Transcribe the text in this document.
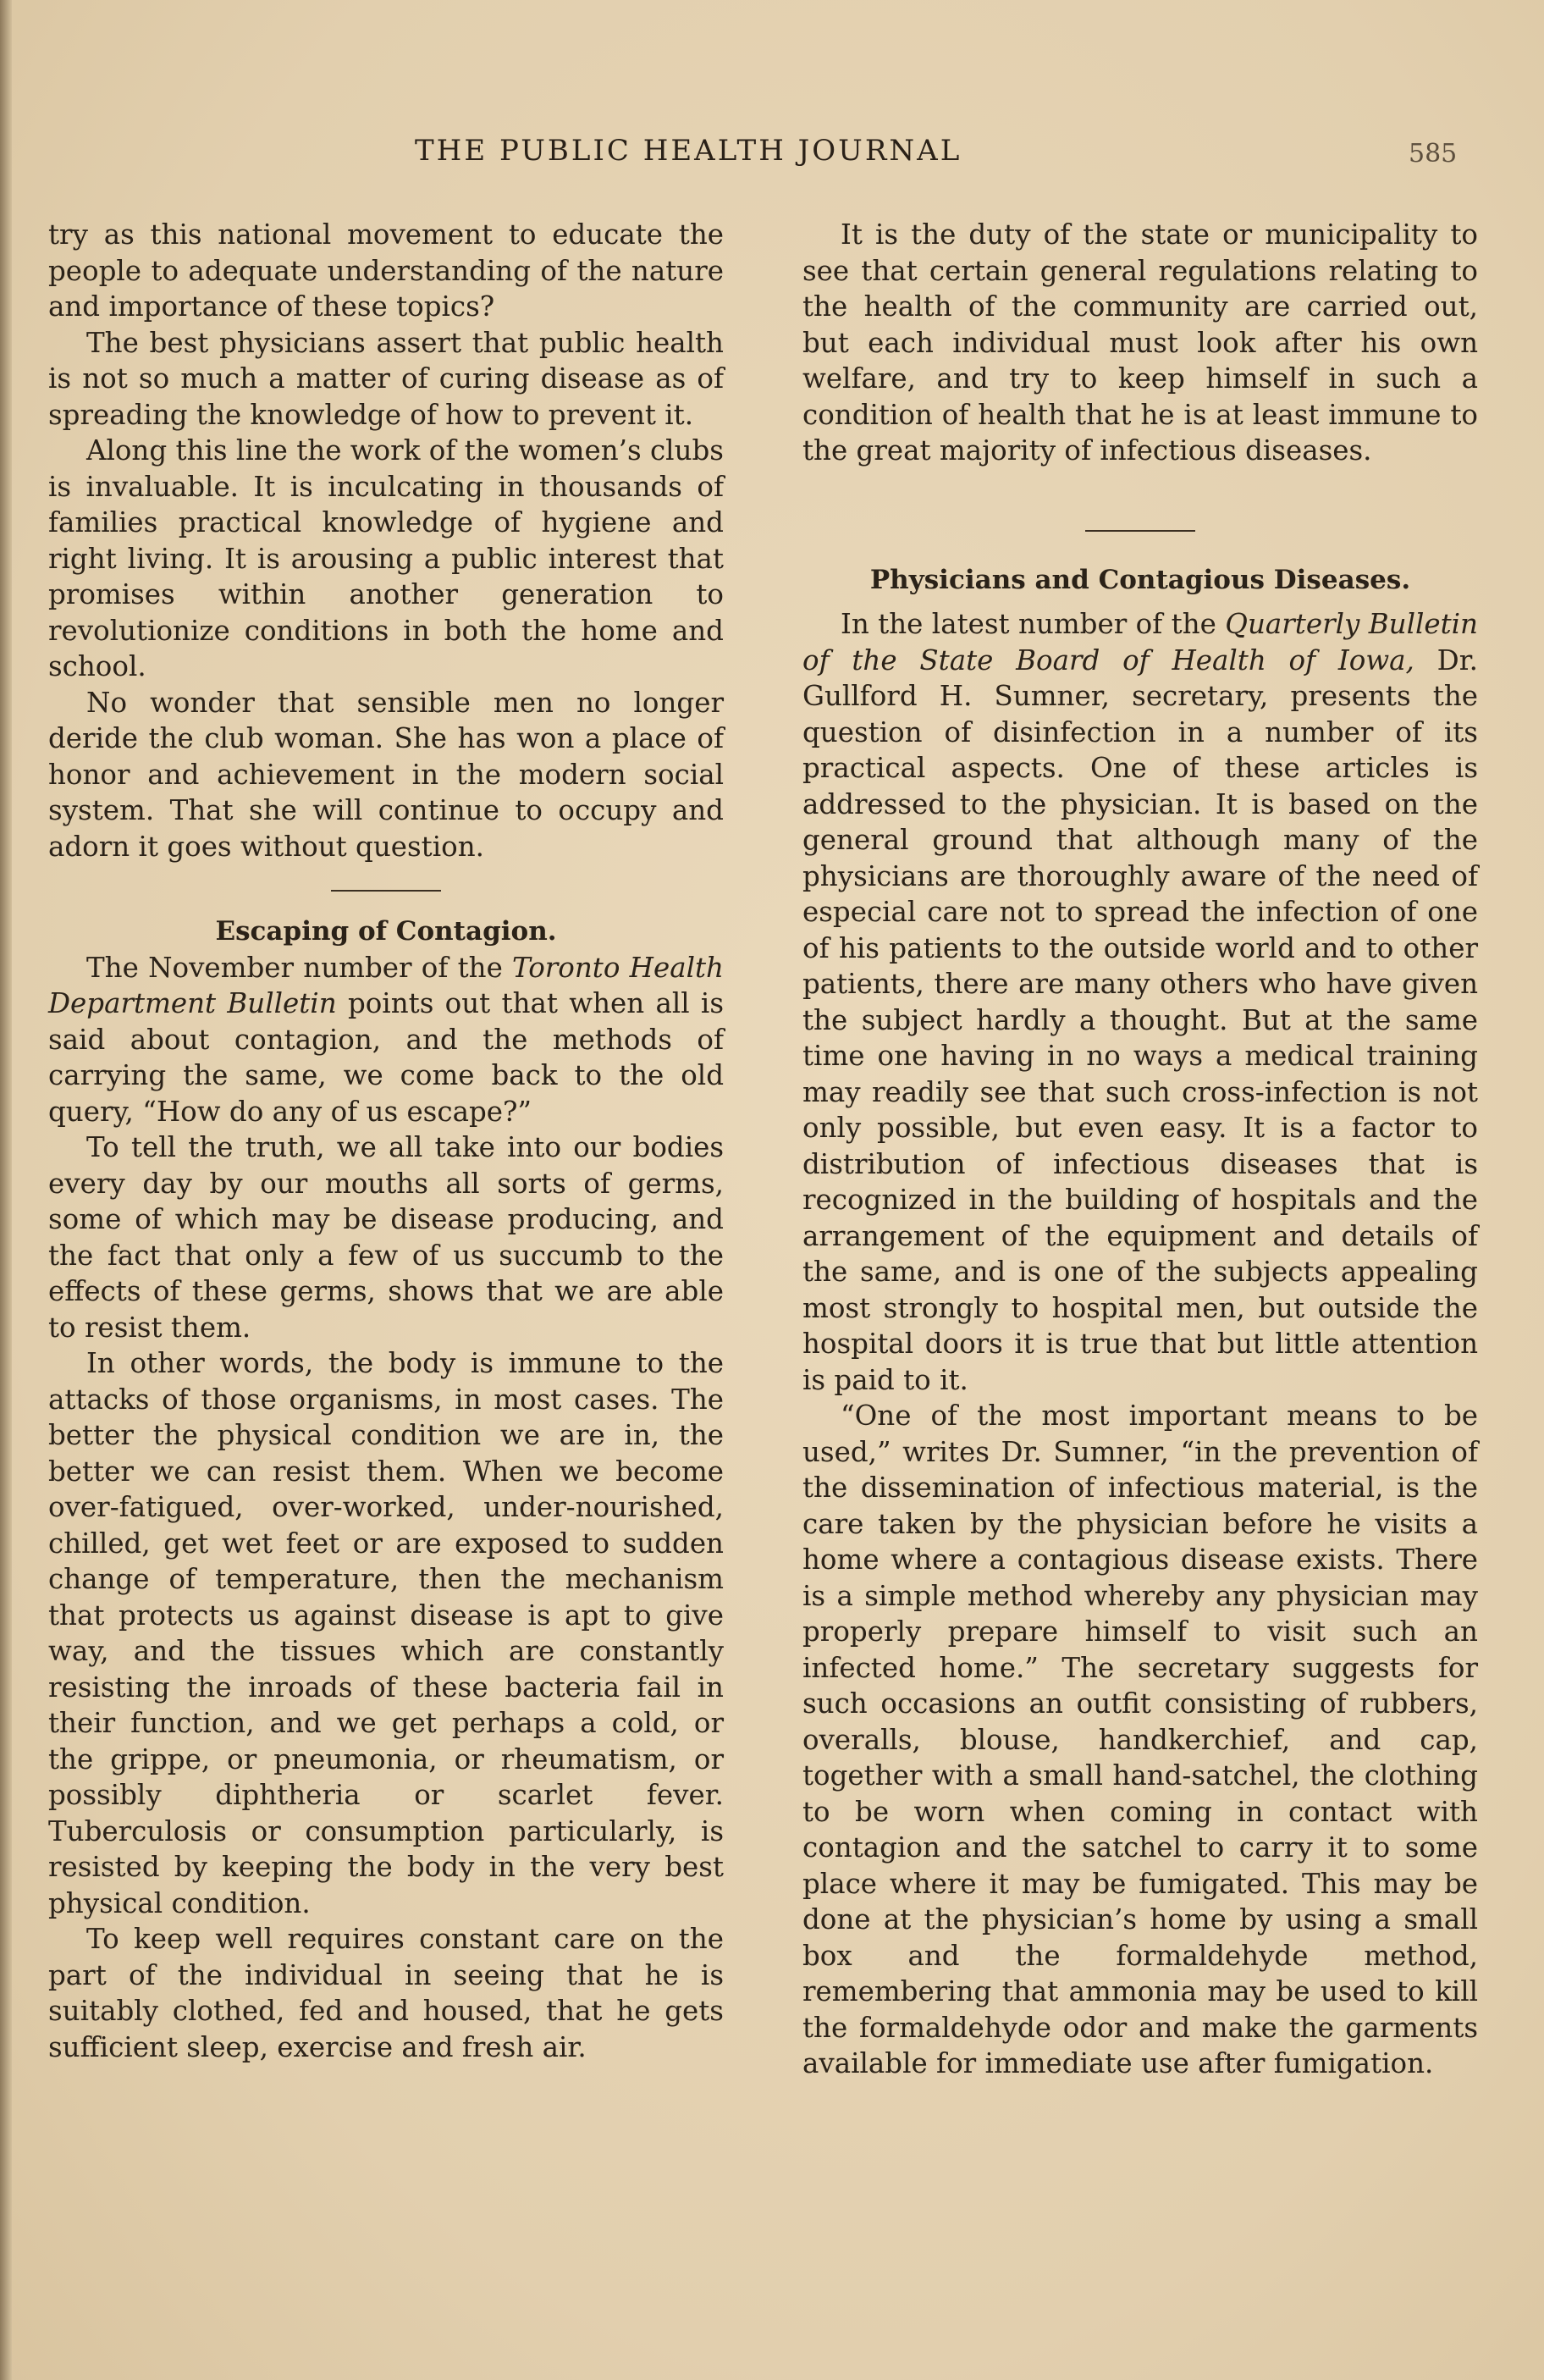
THE PUBLIC HEALTH JOURNAL	585

try as this national movement to educate the people to adequate understanding of the nature and importance of these topics?

The best physicians assert that public health is not so much a matter of curing disease as of spreading the knowledge of how to prevent it.

Along this line the work of the women’s clubs is invaluable. It is inculcating in thousands of families practical knowledge of hygiene and right living. It is arousing a public interest that promises within another generation to revolutionize conditions in both the home and school.

No wonder that sensible men no longer deride the club woman. She has won a place of honor and achievement in the modern social system. That she will continue to occupy and adorn it goes without question.

Escaping of Contagion.

The November number of the Toronto Health Department Bulletin points out that when all is said about contagion, and the methods of carrying the same, we come back to the old query, “How do any of us escape?”

To tell the truth, we all take into our bodies every day by our mouths all sorts of germs, some of which may be disease producing, and the fact that only a few of us succumb to the effects of these germs, shows that we are able to resist them.

In other words, the body is immune to the attacks of those organisms, in most cases. The better the physical condition we are in, the better we can resist them. When we become over-fatigued, over-worked, under-nourished, chilled, get wet feet or are exposed to sudden change of temperature, then the mechanism that protects us against disease is apt to give way, and the tissues which are constantly resisting the inroads of these bacteria fail in their function, and we get perhaps a cold, or the grippe, or pneumonia, or rheumatism, or possibly diphtheria or scarlet fever. Tuberculosis or consumption particularly, is resisted by keeping the body in the very best physical condition.

To keep well requires constant care on the part of the individual in seeing that he is suitably clothed, fed and housed, that he gets sufficient sleep, exercise and fresh air.

It is the duty of the state or municipality to see that certain general regulations relating to the health of the community are carried out, but each individual must look after his own welfare, and try to keep himself in such a condition of health that he is at least immune to the great majority of infectious diseases.

Physicians and Contagious Diseases.

In the latest number of the Quarterly Bulletin of the State Board of Health of Iowa, Dr. Gullford H. Sumner, secretary, presents the question of disinfection in a number of its practical aspects. One of these articles is addressed to the physician. It is based on the general ground that although many of the physicians are thoroughly aware of the need of especial care not to spread the infection of one of his patients to the outside world and to other patients, there are many others who have given the subject hardly a thought. But at the same time one having in no ways a medical training may readily see that such cross-infection is not only possible, but even easy. It is a factor to distribution of infectious diseases that is recognized in the building of hospitals and the arrangement of the equipment and details of the same, and is one of the subjects appealing most strongly to hospital men, but outside the hospital doors it is true that but little attention is paid to it.

“One of the most important means to be used,” writes Dr. Sumner, “in the prevention of the dissemination of infectious material, is the care taken by the physician before he visits a home where a contagious disease exists. There is a simple method whereby any physician may properly prepare himself to visit such an infected home.” The secretary suggests for such occasions an outfit consisting of rubbers, overalls, blouse, handkerchief, and cap, together with a small hand-satchel, the clothing to be worn when coming in contact with contagion and the satchel to carry it to some place where it may be fumigated. This may be done at the physician’s home by using a small box and the formaldehyde method, remembering that ammonia may be used to kill the formaldehyde odor and make the garments available for immediate use after fumigation.
